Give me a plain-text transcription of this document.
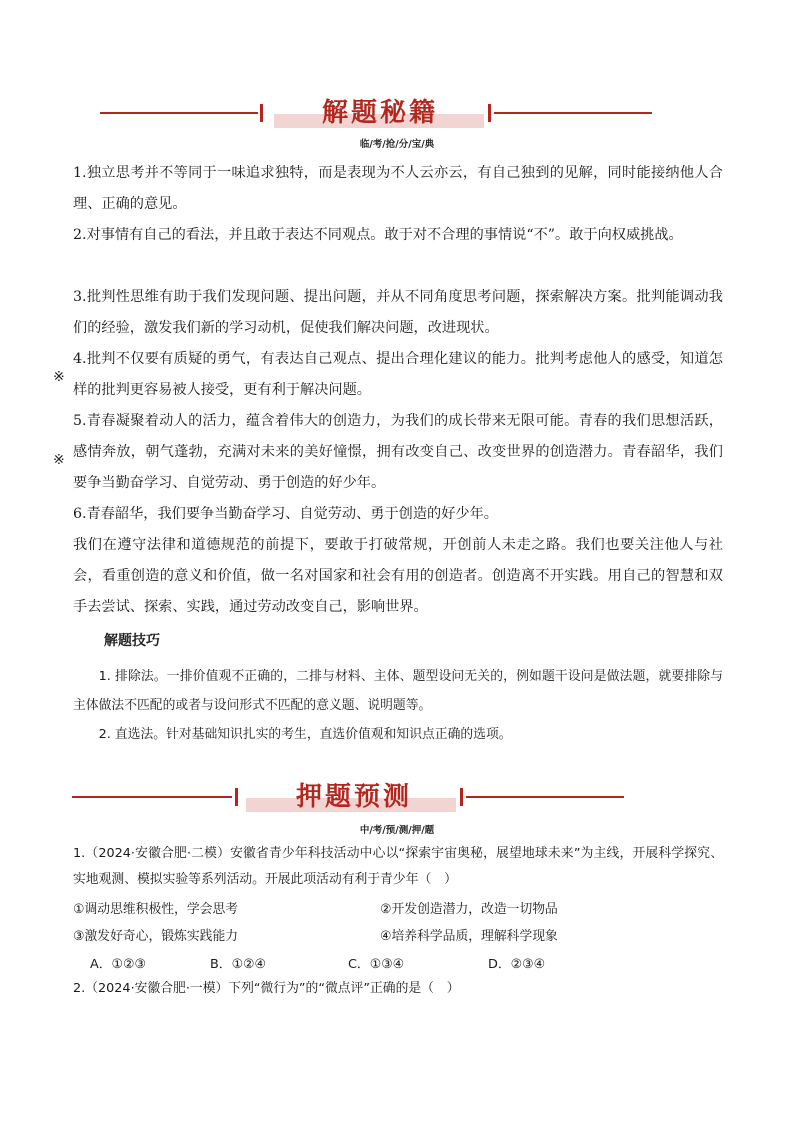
解题秘籍
临/考/抢/分/宝/典
1.独立思考并不等同于一味追求独特，而是表现为不人云亦云，有自己独到的见解，同时能接纳他人合理、正确的意见。
2.对事情有自己的看法，并且敢于表达不同观点。敢于对不合理的事情说“不”。敢于向权威挑战。
3.批判性思维有助于我们发现问题、提出问题，并从不同角度思考问题，探索解决方案。批判能调动我们的经验，激发我们新的学习动机，促使我们解决问题，改进现状。
4.批判不仅要有质疑的勇气，有表达自己观点、提出合理化建议的能力。批判考虑他人的感受，知道怎样的批判更容易被人接受，更有利于解决问题。
5.青春凝聚着动人的活力，蕴含着伟大的创造力，为我们的成长带来无限可能。青春的我们思想活跃，感情奔放，朝气蓬勃，充满对未来的美好憧憬，拥有改变自己、改变世界的创造潜力。青春韶华，我们要争当勤奋学习、自觉劳动、勇于创造的好少年。
6.青春韶华，我们要争当勤奋学习、自觉劳动、勇于创造的好少年。
我们在遵守法律和道德规范的前提下，要敢于打破常规，开创前人未走之路。我们也要关注他人与社会，看重创造的意义和价值，做一名对国家和社会有用的创造者。创造离不开实践。用自己的智慧和双手去尝试、探索、实践，通过劳动改变自己，影响世界。
※
※
解题技巧
1. 排除法。一排价值观不正确的，二排与材料、主体、题型设问无关的，例如题干设问是做法题，就要排除与主体做法不匹配的或者与设问形式不匹配的意义题、说明题等。
2. 直选法。针对基础知识扎实的考生，直选价值观和知识点正确的选项。
押题预测
中/考/预/测/押/题
1.（2024·安徽合肥·二模）安徽省青少年科技活动中心以“探索宇宙奥秘，展望地球未来”为主线，开展科学探究、实地观测、模拟实验等系列活动。开展此项活动有利于青少年（　）
①调动思维积极性，学会思考	②开发创造潜力，改造一切物品
③激发好奇心，锻炼实践能力	④培养科学品质，理解科学现象
A．①②③	B．①②④	C．①③④	D．②③④
2.（2024·安徽合肥·一模）下列“微行为”的“微点评”正确的是（　）
